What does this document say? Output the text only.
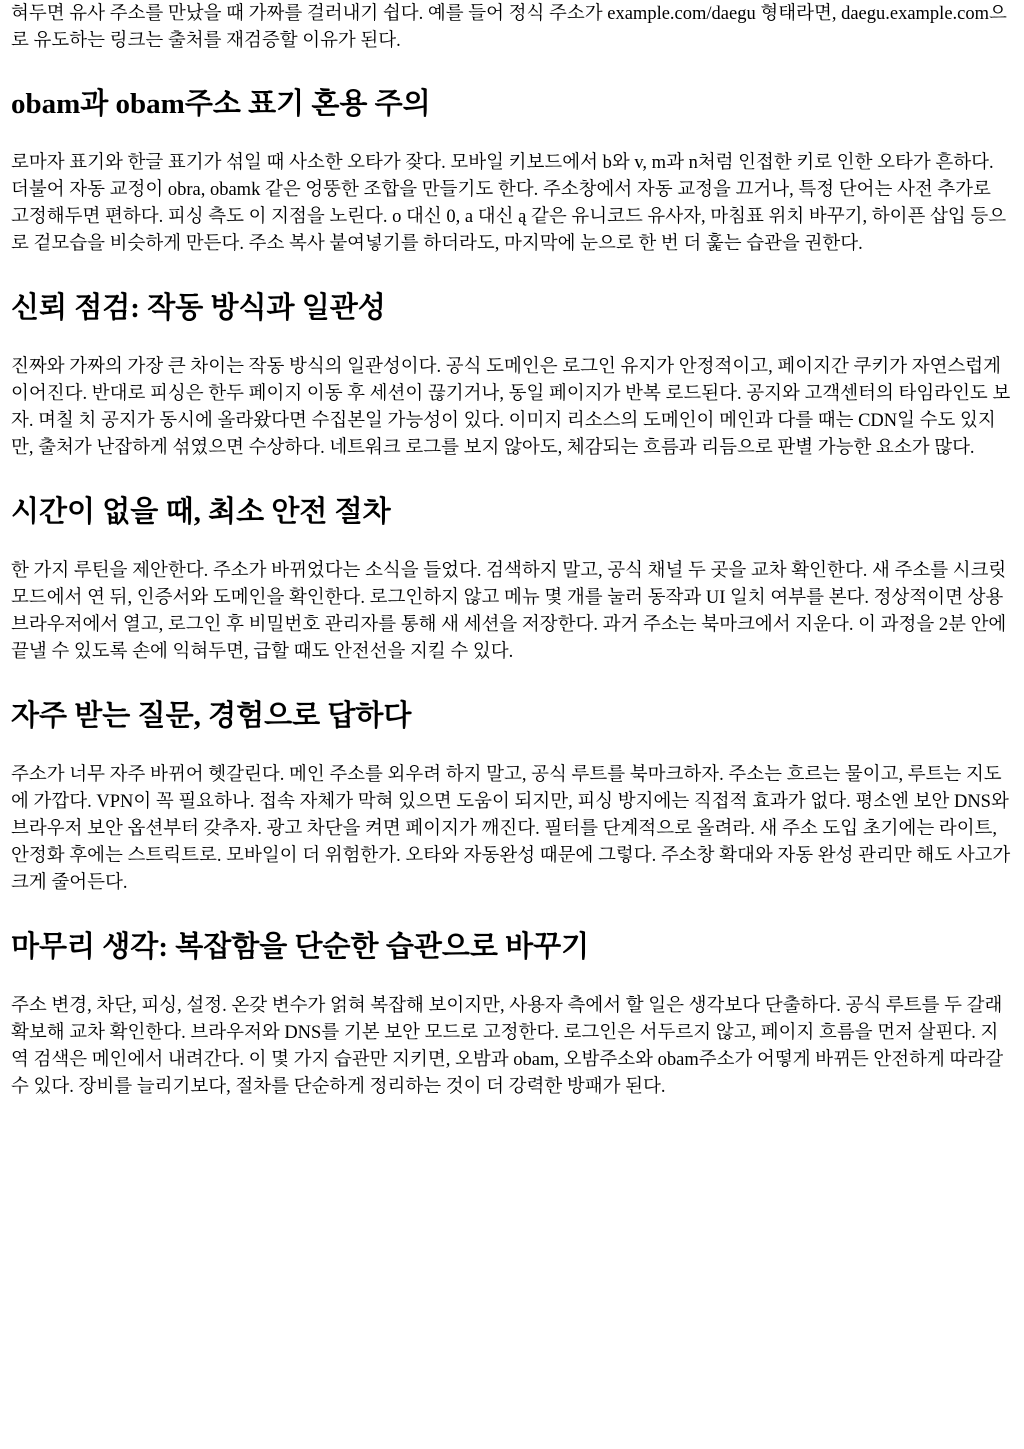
혀두면 유사 주소를 만났을 때 가짜를 걸러내기 쉽다. 예를 들어 정식 주소가 example.com/daegu 형태라면, daegu.example.com으로 유도하는 링크는 출처를 재검증할 이유가 된다.

obam과 obam주소 표기 혼용 주의

로마자 표기와 한글 표기가 섞일 때 사소한 오타가 잦다. 모바일 키보드에서 b와 v, m과 n처럼 인접한 키로 인한 오타가 흔하다. 더불어 자동 교정이 obra, obamk 같은 엉뚱한 조합을 만들기도 한다. 주소창에서 자동 교정을 끄거나, 특정 단어는 사전 추가로 고정해두면 편하다. 피싱 측도 이 지점을 노린다. o 대신 0, a 대신 ą 같은 유니코드 유사자, 마침표 위치 바꾸기, 하이픈 삽입 등으로 겉모습을 비슷하게 만든다. 주소 복사 붙여넣기를 하더라도, 마지막에 눈으로 한 번 더 훑는 습관을 권한다.

신뢰 점검: 작동 방식과 일관성

진짜와 가짜의 가장 큰 차이는 작동 방식의 일관성이다. 공식 도메인은 로그인 유지가 안정적이고, 페이지간 쿠키가 자연스럽게 이어진다. 반대로 피싱은 한두 페이지 이동 후 세션이 끊기거나, 동일 페이지가 반복 로드된다. 공지와 고객센터의 타임라인도 보자. 며칠 치 공지가 동시에 올라왔다면 수집본일 가능성이 있다. 이미지 리소스의 도메인이 메인과 다를 때는 CDN일 수도 있지만, 출처가 난잡하게 섞였으면 수상하다. 네트워크 로그를 보지 않아도, 체감되는 흐름과 리듬으로 판별 가능한 요소가 많다.

시간이 없을 때, 최소 안전 절차

한 가지 루틴을 제안한다. 주소가 바뀌었다는 소식을 들었다. 검색하지 말고, 공식 채널 두 곳을 교차 확인한다. 새 주소를 시크릿 모드에서 연 뒤, 인증서와 도메인을 확인한다. 로그인하지 않고 메뉴 몇 개를 눌러 동작과 UI 일치 여부를 본다. 정상적이면 상용 브라우저에서 열고, 로그인 후 비밀번호 관리자를 통해 새 세션을 저장한다. 과거 주소는 북마크에서 지운다. 이 과정을 2분 안에 끝낼 수 있도록 손에 익혀두면, 급할 때도 안전선을 지킬 수 있다.

자주 받는 질문, 경험으로 답하다

주소가 너무 자주 바뀌어 헷갈린다. 메인 주소를 외우려 하지 말고, 공식 루트를 북마크하자. 주소는 흐르는 물이고, 루트는 지도에 가깝다. VPN이 꼭 필요하나. 접속 자체가 막혀 있으면 도움이 되지만, 피싱 방지에는 직접적 효과가 없다. 평소엔 보안 DNS와 브라우저 보안 옵션부터 갖추자. 광고 차단을 켜면 페이지가 깨진다. 필터를 단계적으로 올려라. 새 주소 도입 초기에는 라이트, 안정화 후에는 스트릭트로. 모바일이 더 위험한가. 오타와 자동완성 때문에 그렇다. 주소창 확대와 자동 완성 관리만 해도 사고가 크게 줄어든다.

마무리 생각: 복잡함을 단순한 습관으로 바꾸기

주소 변경, 차단, 피싱, 설정. 온갖 변수가 얽혀 복잡해 보이지만, 사용자 측에서 할 일은 생각보다 단출하다. 공식 루트를 두 갈래 확보해 교차 확인한다. 브라우저와 DNS를 기본 보안 모드로 고정한다. 로그인은 서두르지 않고, 페이지 흐름을 먼저 살핀다. 지역 검색은 메인에서 내려간다. 이 몇 가지 습관만 지키면, 오밤과 obam, 오밤주소와 obam주소가 어떻게 바뀌든 안전하게 따라갈 수 있다. 장비를 늘리기보다, 절차를 단순하게 정리하는 것이 더 강력한 방패가 된다.
